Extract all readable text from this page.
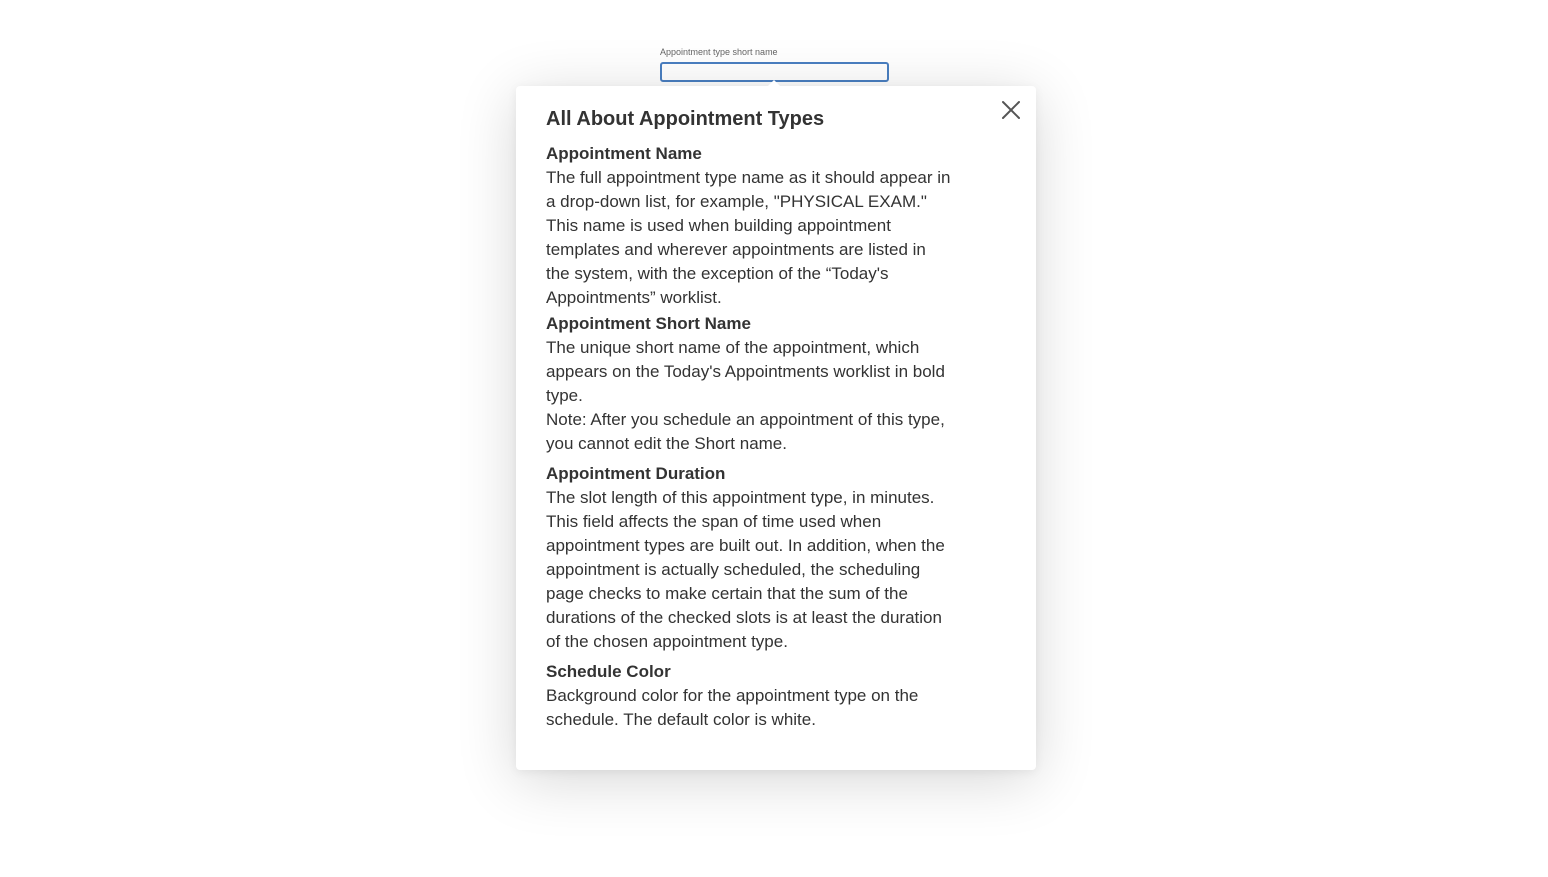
Appointment type short name
All About Appointment Types
Appointment Name

The full appointment type name as it should appear in a drop-down list, for example, "PHYSICAL EXAM."

This name is used when building appointment templates and wherever appointments are listed in the system, with the exception of the “Today's Appointments” worklist.

Appointment Short Name

The unique short name of the appointment, which appears on the Today's Appointments worklist in bold type.

Note: After you schedule an appointment of this type, you cannot edit the Short name.

Appointment Duration

The slot length of this appointment type, in minutes. This field affects the span of time used when appointment types are built out. In addition, when the appointment is actually scheduled, the scheduling page checks to make certain that the sum of the durations of the checked slots is at least the duration of the chosen appointment type.

Schedule Color

Background color for the appointment type on the schedule. The default color is white.
